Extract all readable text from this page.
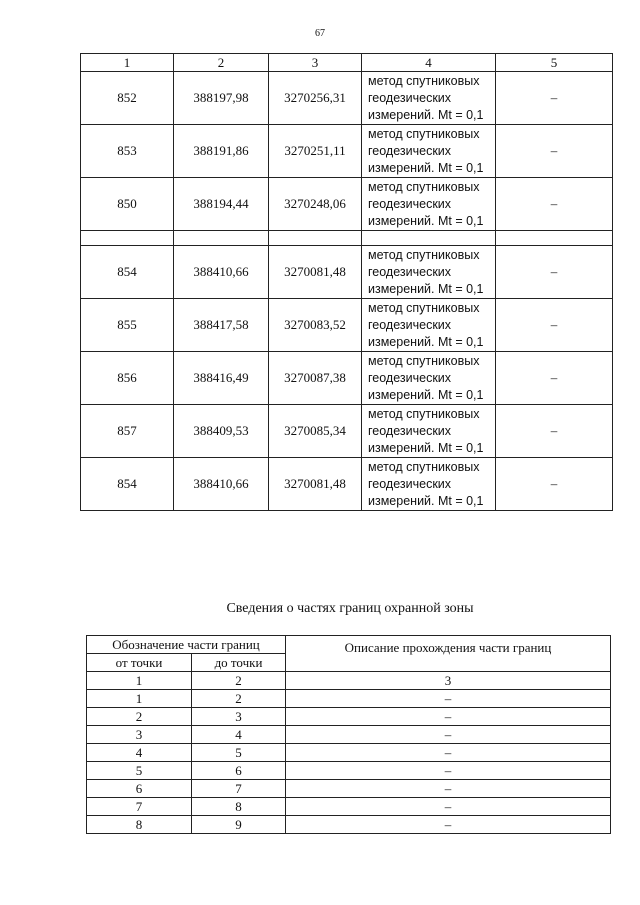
67
1	2	3	4	5
852	388197,98	3270256,31	метод спутниковых
геодезических
измерений. Mt = 0,1	–
853	388191,86	3270251,11	метод спутниковых
геодезических
измерений. Mt = 0,1	–
850	388194,44	3270248,06	метод спутниковых
геодезических
измерений. Mt = 0,1	–

854	388410,66	3270081,48	метод спутниковых
геодезических
измерений. Mt = 0,1	–
855	388417,58	3270083,52	метод спутниковых
геодезических
измерений. Mt = 0,1	–
856	388416,49	3270087,38	метод спутниковых
геодезических
измерений. Mt = 0,1	–
857	388409,53	3270085,34	метод спутниковых
геодезических
измерений. Mt = 0,1	–
854	388410,66	3270081,48	метод спутниковых
геодезических
измерений. Mt = 0,1	–
Сведения о частях границ охранной зоны
Обозначение части границ		Описание прохождения части границ
от точки	до точки	
1	2	3
1	2	–
2	3	–
3	4	–
4	5	–
5	6	–
6	7	–
7	8	–
8	9	–
